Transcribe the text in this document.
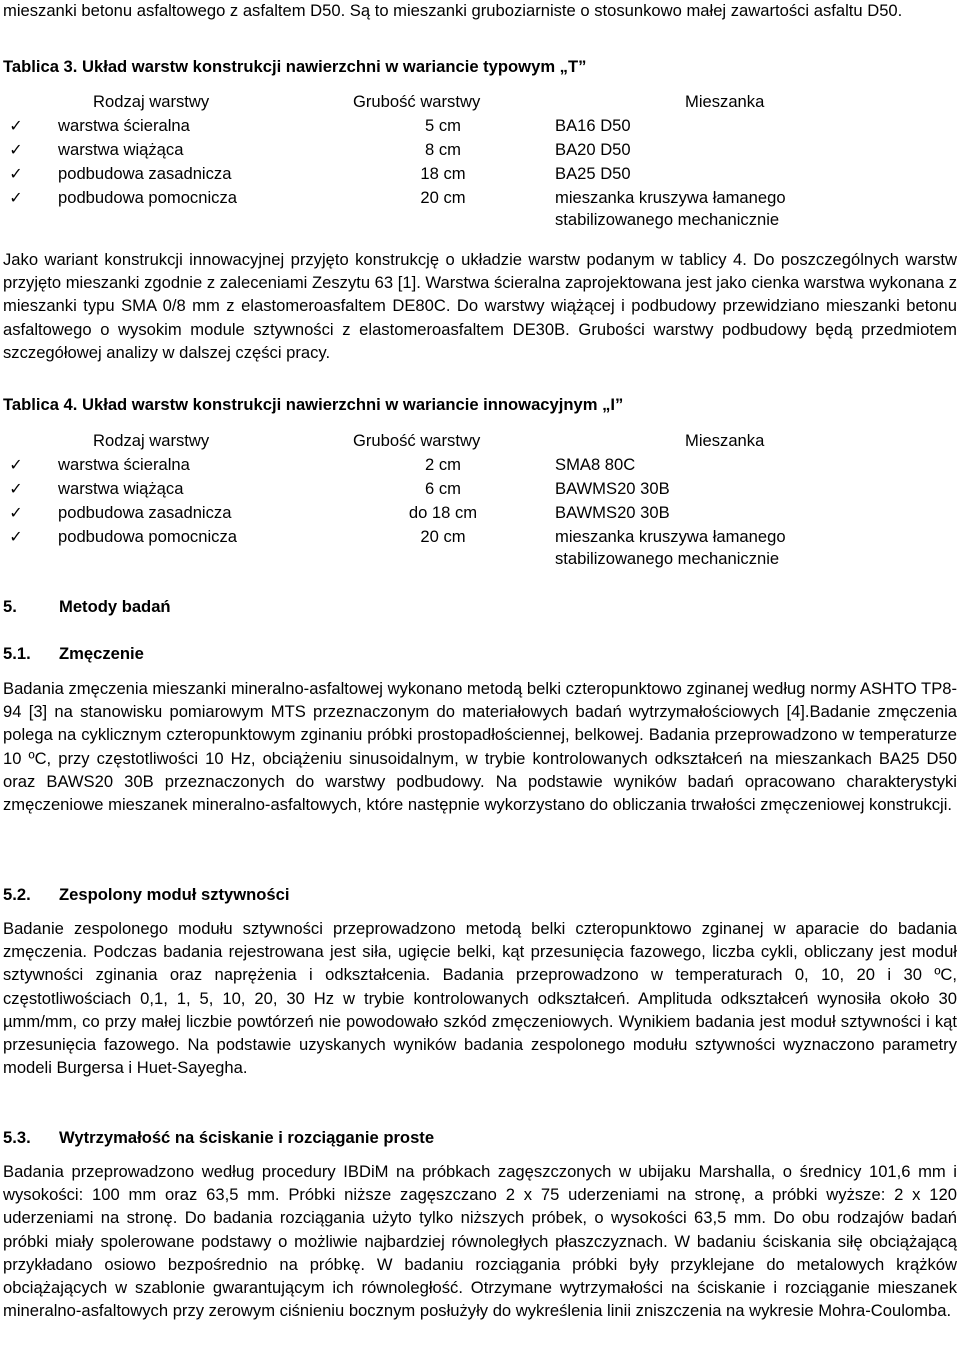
mieszanki betonu asfaltowego z asfaltem D50. Są to mieszanki gruboziarniste o stosunkowo małej zawartości asfaltu D50.

Tablica 3. Układ warstw konstrukcji nawierzchni w wariancie typowym „T”
Rodzaj warstwy	Grubość warstwy	Mieszanka
✓ warstwa ścieralna	5 cm	BA16 D50
✓ warstwa wiążąca	8 cm	BA20 D50
✓ podbudowa zasadnicza	18 cm	BA25 D50
✓ podbudowa pomocnicza	20 cm	mieszanka kruszywa łamanego
stabilizowanego mechanicznie

Jako wariant konstrukcji innowacyjnej przyjęto konstrukcję o układzie warstw podanym w tablicy 4. Do poszczególnych warstw przyjęto mieszanki zgodnie z zaleceniami Zeszytu 63 [1]. Warstwa ścieralna zaprojektowana jest jako cienka warstwa wykonana z mieszanki typu SMA 0/8 mm z elastomeroasfaltem DE80C. Do warstwy wiążącej i podbudowy przewidziano mieszanki betonu asfaltowego o wysokim module sztywności z elastomeroasfaltem DE30B. Grubości warstwy podbudowy będą przedmiotem szczegółowej analizy w dalszej części pracy.

Tablica 4. Układ warstw konstrukcji nawierzchni w wariancie innowacyjnym „I”
Rodzaj warstwy	Grubość warstwy	Mieszanka
✓ warstwa ścieralna	2 cm	SMA8 80C
✓ warstwa wiążąca	6 cm	BAWMS20 30B
✓ podbudowa zasadnicza	do 18 cm	BAWMS20 30B
✓ podbudowa pomocnicza	20 cm	mieszanka kruszywa łamanego
stabilizowanego mechanicznie
5.	Metody badań
5.1. Zmęczenie

Badania zmęczenia mieszanki mineralno-asfaltowej wykonano metodą belki czteropunktowo zginanej według normy ASHTO TP8-94 [3] na stanowisku pomiarowym MTS przeznaczonym do materiałowych badań wytrzymałościowych [4].Badanie zmęczenia polega na cyklicznym czteropunktowym zginaniu próbki prostopadłościennej, belkowej. Badania przeprowadzono w temperaturze 10 ºC, przy częstotliwości 10 Hz, obciążeniu sinusoidalnym, w trybie kontrolowanych odkształceń na mieszankach BA25 D50 oraz BAWS20 30B przeznaczonych do warstwy podbudowy. Na podstawie wyników badań opracowano charakterystyki zmęczeniowe mieszanek mineralno-asfaltowych, które następnie wykorzystano do obliczania trwałości zmęczeniowej konstrukcji.

5.2. Zespolony moduł sztywności

Badanie zespolonego modułu sztywności przeprowadzono metodą belki czteropunktowo zginanej w aparacie do badania zmęczenia. Podczas badania rejestrowana jest siła, ugięcie belki, kąt przesunięcia fazowego, liczba cykli, obliczany jest moduł sztywności zginania oraz naprężenia i odkształcenia. Badania przeprowadzono w temperaturach 0, 10, 20 i 30 ºC, częstotliwościach 0,1, 1, 5, 10, 20, 30 Hz w trybie kontrolowanych odkształceń. Amplituda odkształceń wynosiła około 30 µmm/mm, co przy małej liczbie powtórzeń nie powodowało szkód zmęczeniowych. Wynikiem badania jest moduł sztywności i kąt przesunięcia fazowego. Na podstawie uzyskanych wyników badania zespolonego modułu sztywności wyznaczono parametry modeli Burgersa i Huet-Sayegha.

5.3. Wytrzymałość na ściskanie i rozciąganie proste

Badania przeprowadzono według procedury IBDiM na próbkach zagęszczonych w ubijaku Marshalla, o średnicy 101,6 mm i wysokości: 100 mm oraz 63,5 mm. Próbki niższe zagęszczano 2 x 75 uderzeniami na stronę, a próbki wyższe: 2 x 120 uderzeniami na stronę. Do badania rozciągania użyto tylko niższych próbek, o wysokości 63,5 mm. Do obu rodzajów badań próbki miały spolerowane podstawy o możliwie najbardziej równoległych płaszczyznach. W badaniu ściskania siłę obciążającą przykładano osiowo bezpośrednio na próbkę. W badaniu rozciągania próbki były przyklejane do metalowych krążków obciążających w szablonie gwarantującym ich równoległość. Otrzymane wytrzymałości na ściskanie i rozciąganie mieszanek mineralno-asfaltowych przy zerowym ciśnieniu bocznym posłużyły do wykreślenia linii zniszczenia na wykresie Mohra-Coulomba.
